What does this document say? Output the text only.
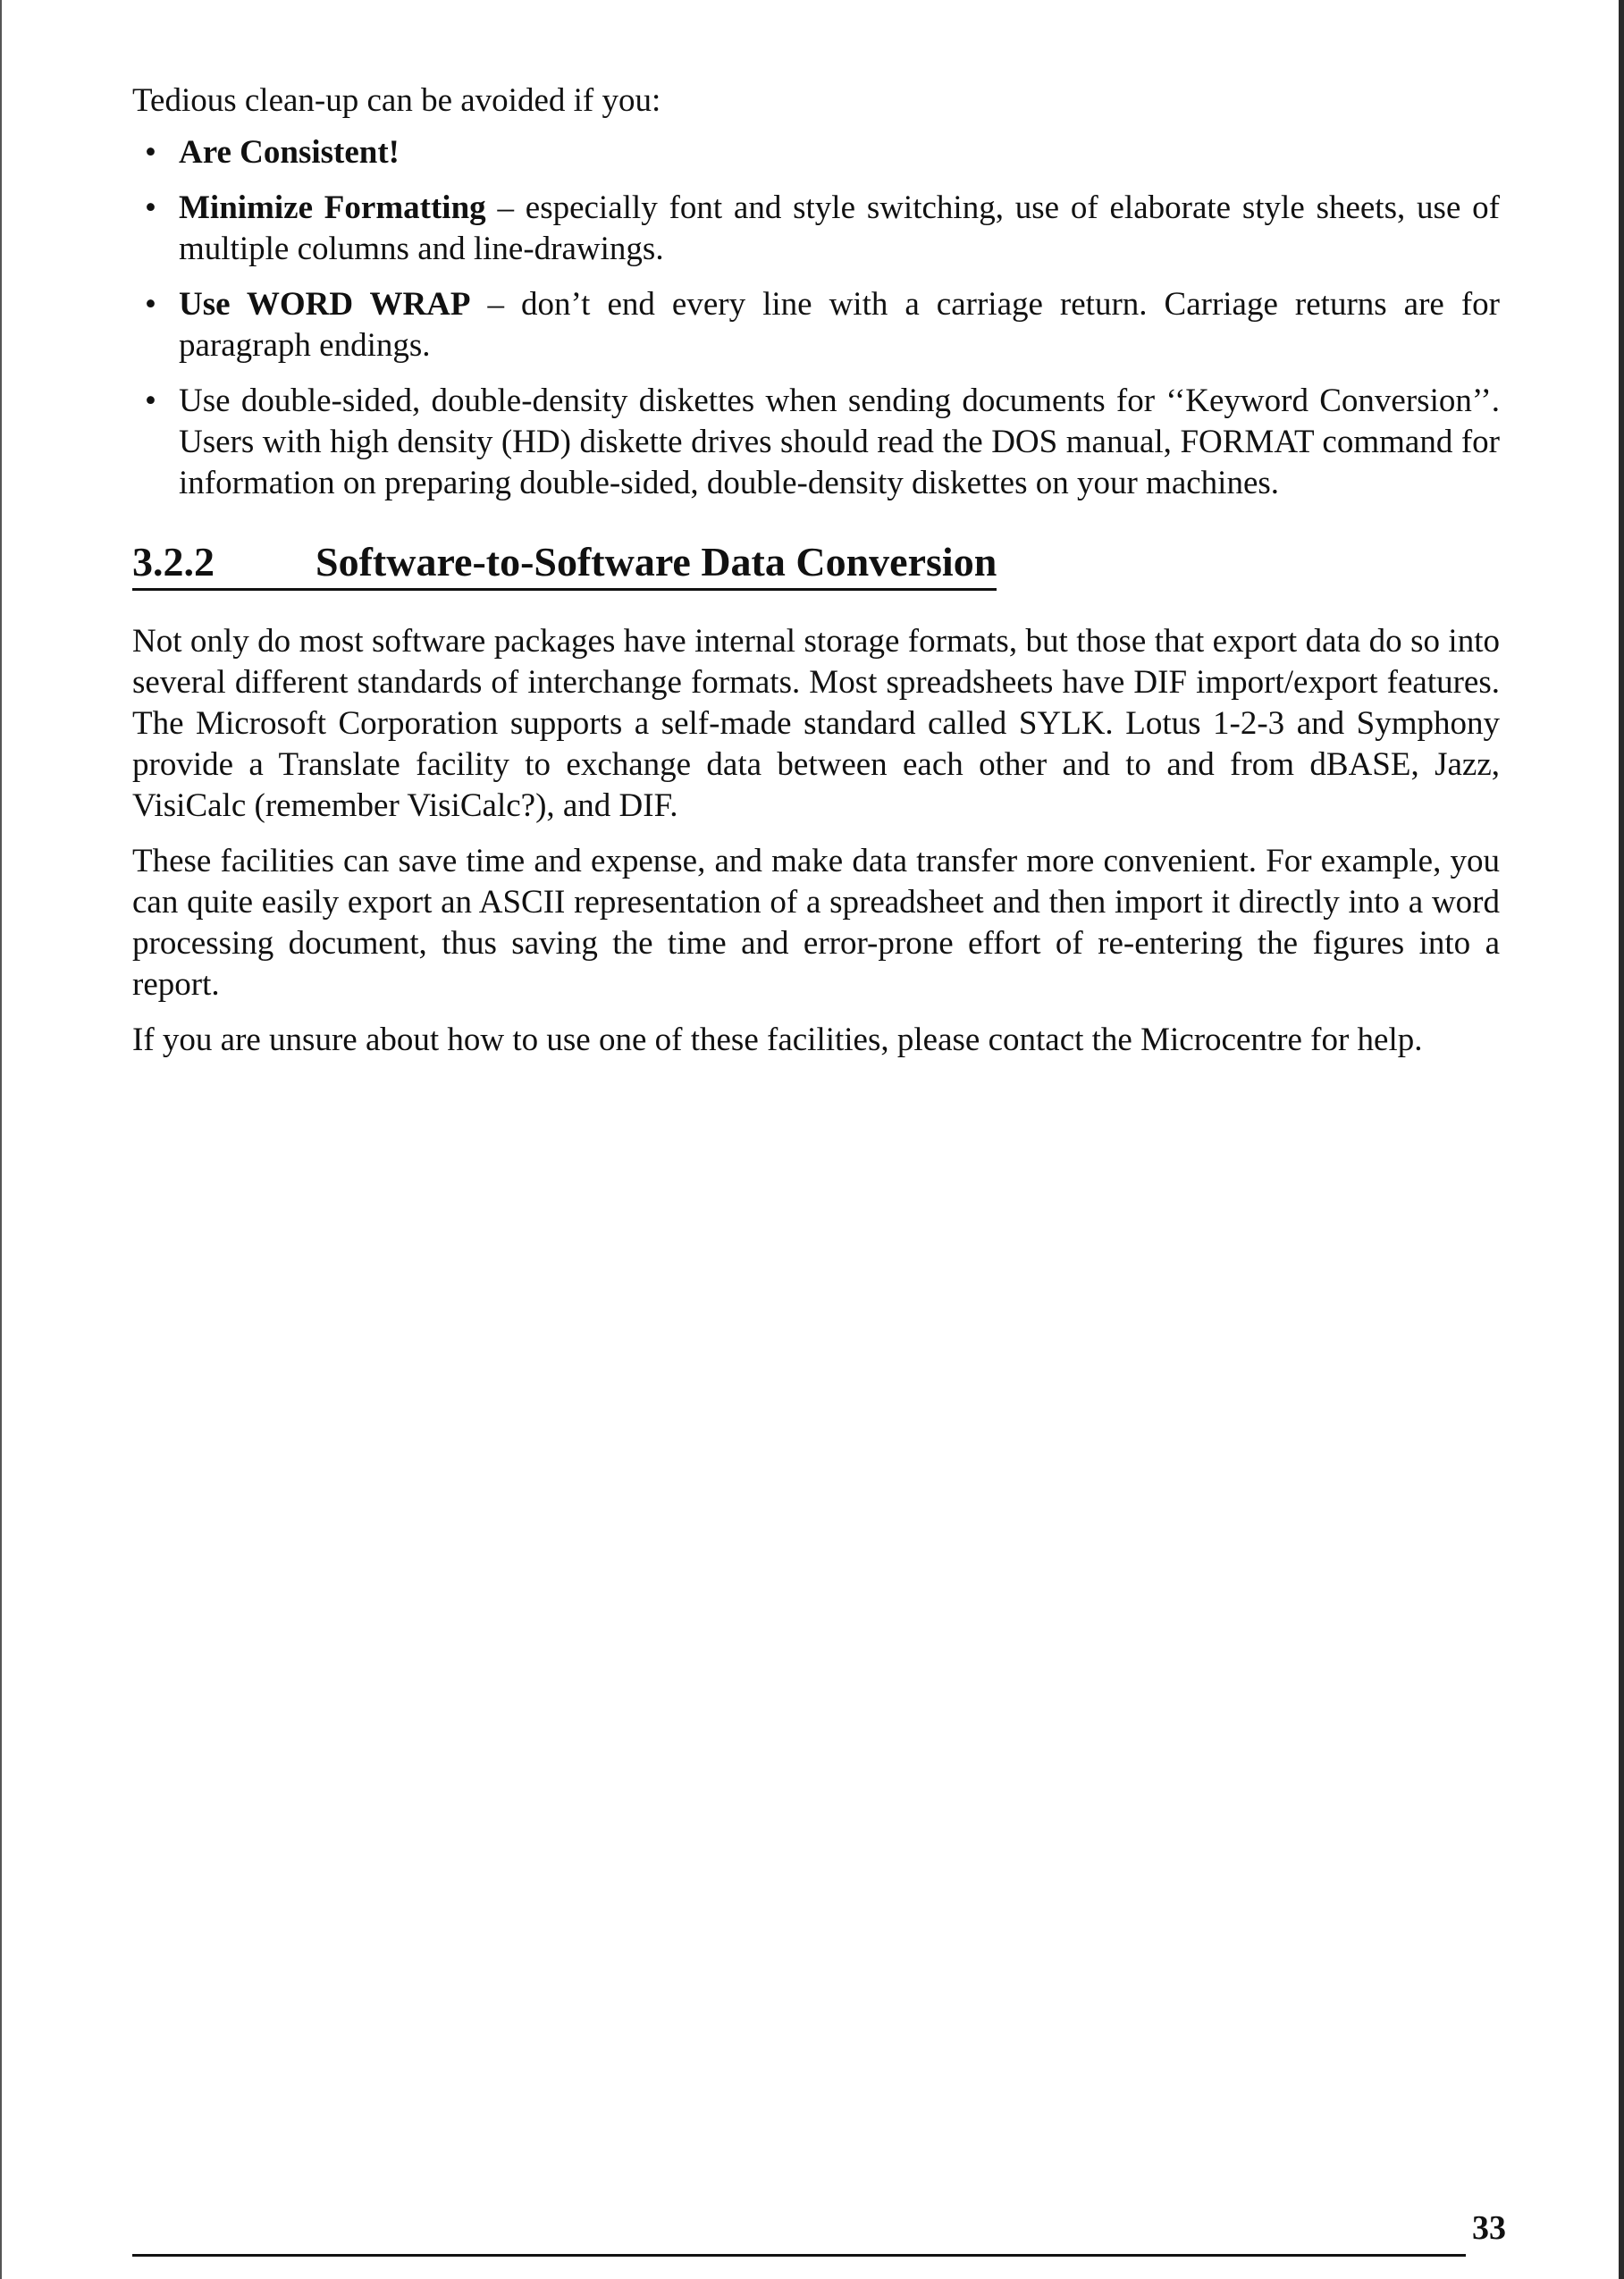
Tedious clean-up can be avoided if you:

• Are Consistent!
• Minimize Formatting – especially font and style switching, use of elaborate style sheets, use of multiple columns and line-drawings.
• Use WORD WRAP – don’t end every line with a carriage return. Carriage returns are for paragraph endings.
• Use double-sided, double-density diskettes when sending documents for ‘‘Keyword Conversion’’. Users with high density (HD) diskette drives should read the DOS manual, FORMAT command for information on preparing double-sided, double-density diskettes on your machines.
3.2.2 Software-to-Software Data Conversion

Not only do most software packages have internal storage formats, but those that export data do so into several different standards of interchange formats. Most spreadsheets have DIF import/export features. The Microsoft Corporation supports a self-made standard called SYLK. Lotus 1-2-3 and Symphony provide a Translate facility to exchange data between each other and to and from dBASE, Jazz, VisiCalc (remember VisiCalc?), and DIF.

These facilities can save time and expense, and make data transfer more convenient. For example, you can quite easily export an ASCII representation of a spreadsheet and then import it directly into a word processing document, thus saving the time and error-prone effort of re-entering the figures into a report.

If you are unsure about how to use one of these facilities, please contact the Microcentre for help.

33
